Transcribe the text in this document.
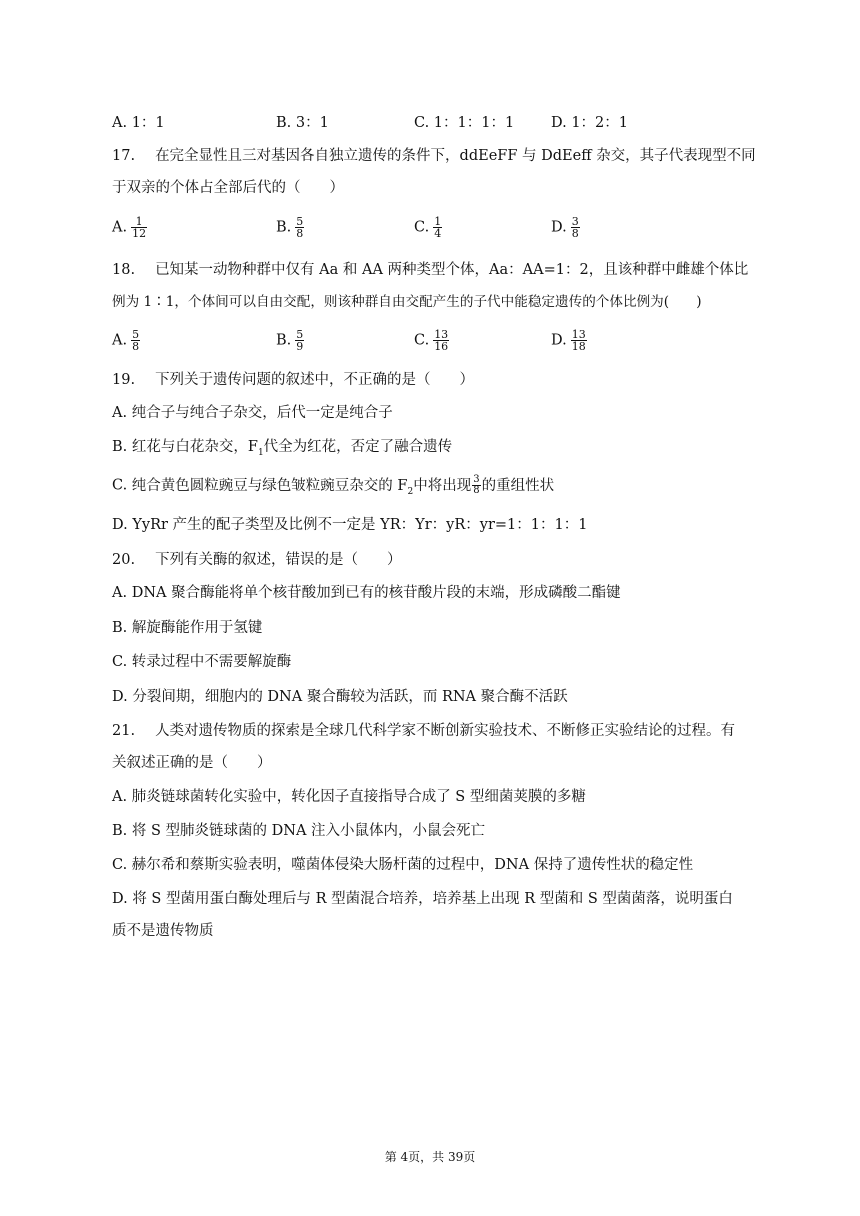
A. 1：1	B. 3：1	C. 1：1：1：1	D. 1：2：1
17. 在完全显性且三对基因各自独立遗传的条件下，ddEeFF 与 DdEeff 杂交，其子代表现型不同
于双亲的个体占全部后代的（　　）
A. $\frac{1}{12}$	B. $\frac{5}{8}$	C. $\frac{1}{4}$	D. $\frac{3}{8}$
18. 已知某一动物种群中仅有 Aa 和 AA 两种类型个体，Aa：AA=1：2，且该种群中雌雄个体比
例为 1∶1，个体间可以自由交配，则该种群自由交配产生的子代中能稳定遗传的个体比例为(　　)
A. $\frac{5}{8}$	B. $\frac{5}{9}$	C. $\frac{13}{16}$	D. $\frac{13}{18}$
19. 下列关于遗传问题的叙述中，不正确的是（　　）
A. 纯合子与纯合子杂交，后代一定是纯合子
B. 红花与白花杂交，$F_1$代全为红花，否定了融合遗传
C. 纯合黄色圆粒豌豆与绿色皱粒豌豆杂交的 $F_2$中将出现 $\frac{3}{8}$ 的重组性状
D. YyRr 产生的配子类型及比例不一定是 YR：Yr：yR：yr=1：1：1：1
20. 下列有关酶的叙述，错误的是（　　）
A. DNA 聚合酶能将单个核苷酸加到已有的核苷酸片段的末端，形成磷酸二酯键
B. 解旋酶能作用于氢键
C. 转录过程中不需要解旋酶
D. 分裂间期，细胞内的 DNA 聚合酶较为活跃，而 RNA 聚合酶不活跃
21. 人类对遗传物质的探索是全球几代科学家不断创新实验技术、不断修正实验结论的过程。有
关叙述正确的是（　　）
A. 肺炎链球菌转化实验中，转化因子直接指导合成了 S 型细菌荚膜的多糖
B. 将 S 型肺炎链球菌的 DNA 注入小鼠体内，小鼠会死亡
C. 赫尔希和蔡斯实验表明，噬菌体侵染大肠杆菌的过程中，DNA 保持了遗传性状的稳定性
D. 将 S 型菌用蛋白酶处理后与 R 型菌混合培养，培养基上出现 R 型菌和 S 型菌菌落，说明蛋白
质不是遗传物质
第 4页，共 39页
